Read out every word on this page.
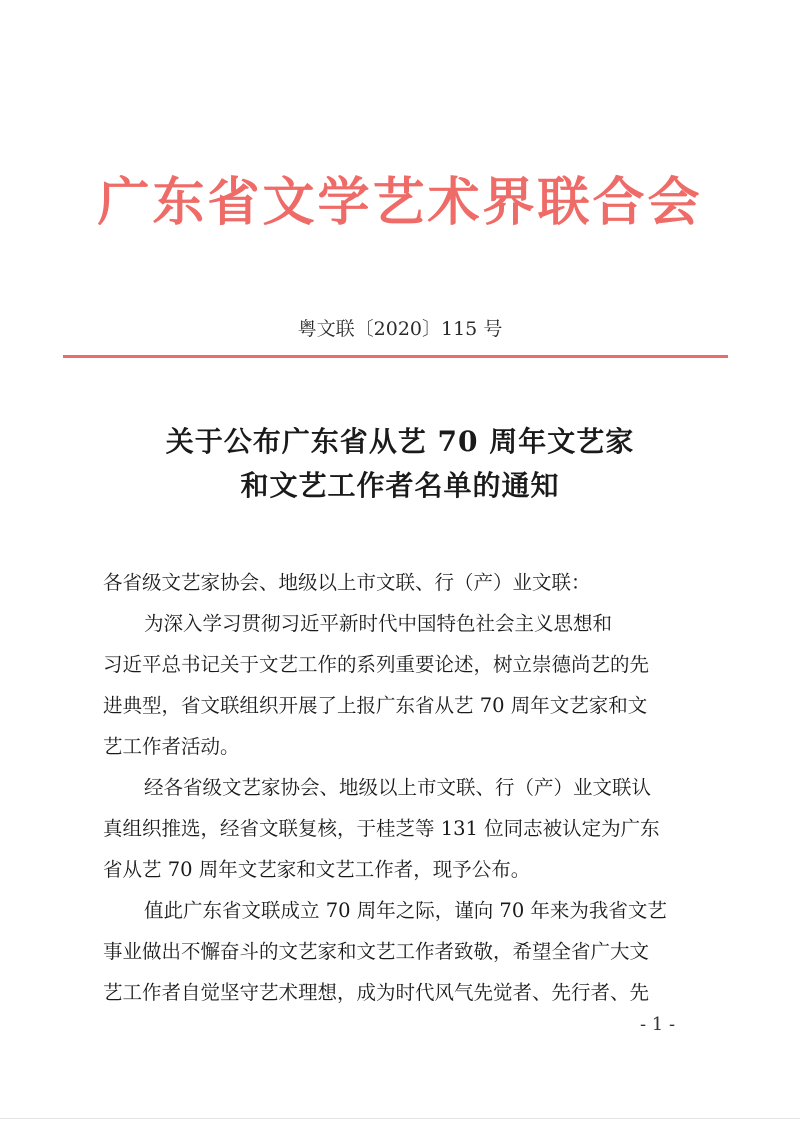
广东省文学艺术界联合会
粤文联〔2020〕115 号
关于公布广东省从艺 70 周年文艺家
和文艺工作者名单的通知
各省级文艺家协会、地级以上市文联、行（产）业文联：
为深入学习贯彻习近平新时代中国特色社会主义思想和
习近平总书记关于文艺工作的系列重要论述，树立崇德尚艺的先
进典型，省文联组织开展了上报广东省从艺 70 周年文艺家和文
艺工作者活动。
经各省级文艺家协会、地级以上市文联、行（产）业文联认
真组织推选，经省文联复核，于桂芝等 131 位同志被认定为广东
省从艺 70 周年文艺家和文艺工作者，现予公布。
值此广东省文联成立 70 周年之际，谨向 70 年来为我省文艺
事业做出不懈奋斗的文艺家和文艺工作者致敬，希望全省广大文
艺工作者自觉坚守艺术理想，成为时代风气先觉者、先行者、先
- 1 -
